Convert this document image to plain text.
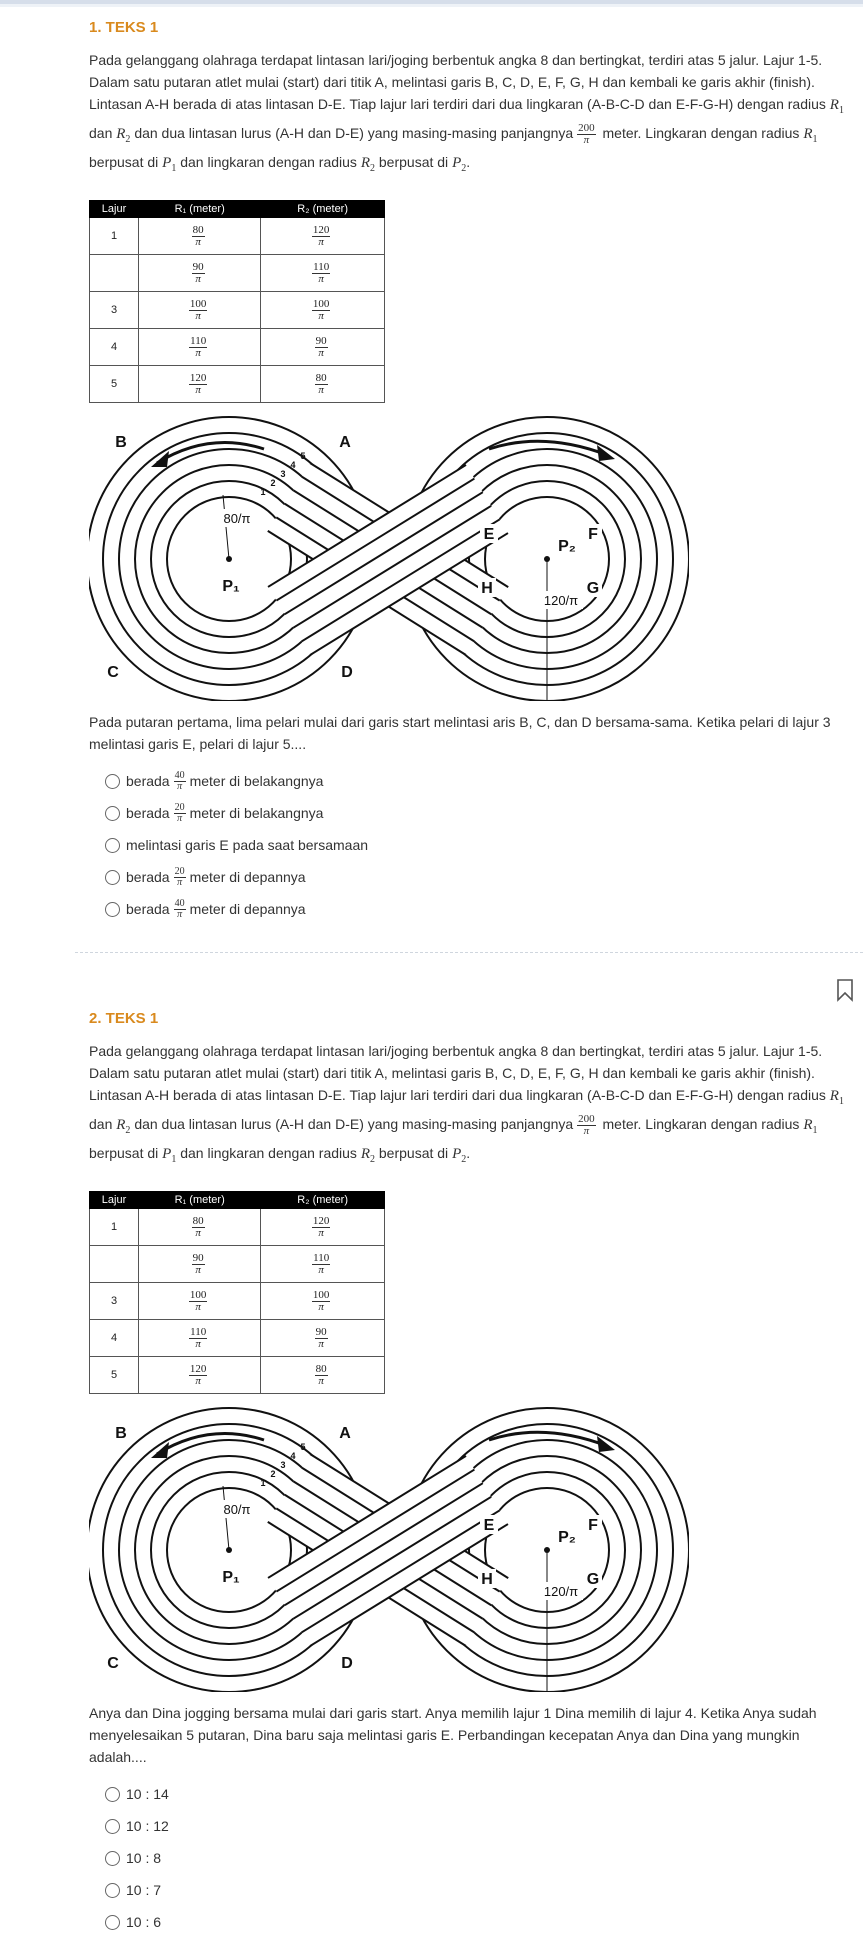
1. TEKS 1

Pada gelanggang olahraga terdapat lintasan lari/joging berbentuk angka 8 dan bertingkat, terdiri atas 5 jalur. Lajur 1-5. Dalam satu putaran atlet mulai (start) dari titik A, melintasi garis B, C, D, E, F, G, H dan kembali ke garis akhir (finish). Lintasan A-H berada di atas lintasan D-E. Tiap lajur lari terdiri dari dua lingkaran (A-B-C-D dan E-F-G-H) dengan radius $R_1$ dan $R_2$ dan dua lintasan lurus (A-H dan D-E) yang masing-masing panjangnya $\frac{200}{\pi}$ meter. Lingkaran dengan radius $R_1$ berpusat di $P_1$ dan lingkaran dengan radius $R_2$ berpusat di $P_2$.

Lajur	R₁ (meter)	R₂ (meter)
1	$\frac{80}{\pi}$	$\frac{120}{\pi}$

	$\frac{90}{\pi}$	$\frac{110}{\pi}$

3	$\frac{100}{\pi}$	$\frac{100}{\pi}$

4	$\frac{110}{\pi}$	$\frac{90}{\pi}$

5	$\frac{120}{\pi}$	$\frac{80}{\pi}$
80/π
120/π
B	A
C	D
E	F
G
H
P₁
P₂
1
2
3
4
5

Pada putaran pertama, lima pelari mulai dari garis start melintasi aris B, C, dan D bersama-sama. Ketika pelari di lajur 3 melintasi garis E, pelari di lajur 5....

berada $\frac{40}{\pi}$ meter di belakangnya
berada $\frac{20}{\pi}$ meter di belakangnya
melintasi garis E pada saat bersamaan
berada $\frac{20}{\pi}$ meter di depannya
berada $\frac{40}{\pi}$ meter di depannya
2. TEKS 1

Pada gelanggang olahraga terdapat lintasan lari/joging berbentuk angka 8 dan bertingkat, terdiri atas 5 jalur. Lajur 1-5. Dalam satu putaran atlet mulai (start) dari titik A, melintasi garis B, C, D, E, F, G, H dan kembali ke garis akhir (finish). Lintasan A-H berada di atas lintasan D-E. Tiap lajur lari terdiri dari dua lingkaran (A-B-C-D dan E-F-G-H) dengan radius $R_1$ dan $R_2$ dan dua lintasan lurus (A-H dan D-E) yang masing-masing panjangnya $\frac{200}{\pi}$ meter. Lingkaran dengan radius $R_1$ berpusat di $P_1$ dan lingkaran dengan radius $R_2$ berpusat di $P_2$.

Lajur	R₁ (meter)	R₂ (meter)
1	$\frac{80}{\pi}$	$\frac{120}{\pi}$

	$\frac{90}{\pi}$	$\frac{110}{\pi}$

3	$\frac{100}{\pi}$	$\frac{100}{\pi}$

4	$\frac{110}{\pi}$	$\frac{90}{\pi}$

5	$\frac{120}{\pi}$	$\frac{80}{\pi}$
80/π
120/π
B	A
C	D
E	F
G
H
P₁
P₂
1
2
3
4
5

Anya dan Dina jogging bersama mulai dari garis start. Anya memilih lajur 1 Dina memilih di lajur 4. Ketika Anya sudah menyelesaikan 5 putaran, Dina baru saja melintasi garis E. Perbandingan kecepatan Anya dan Dina yang mungkin adalah....

10 : 14
10 : 12
10 : 8
10 : 7
10 : 6
